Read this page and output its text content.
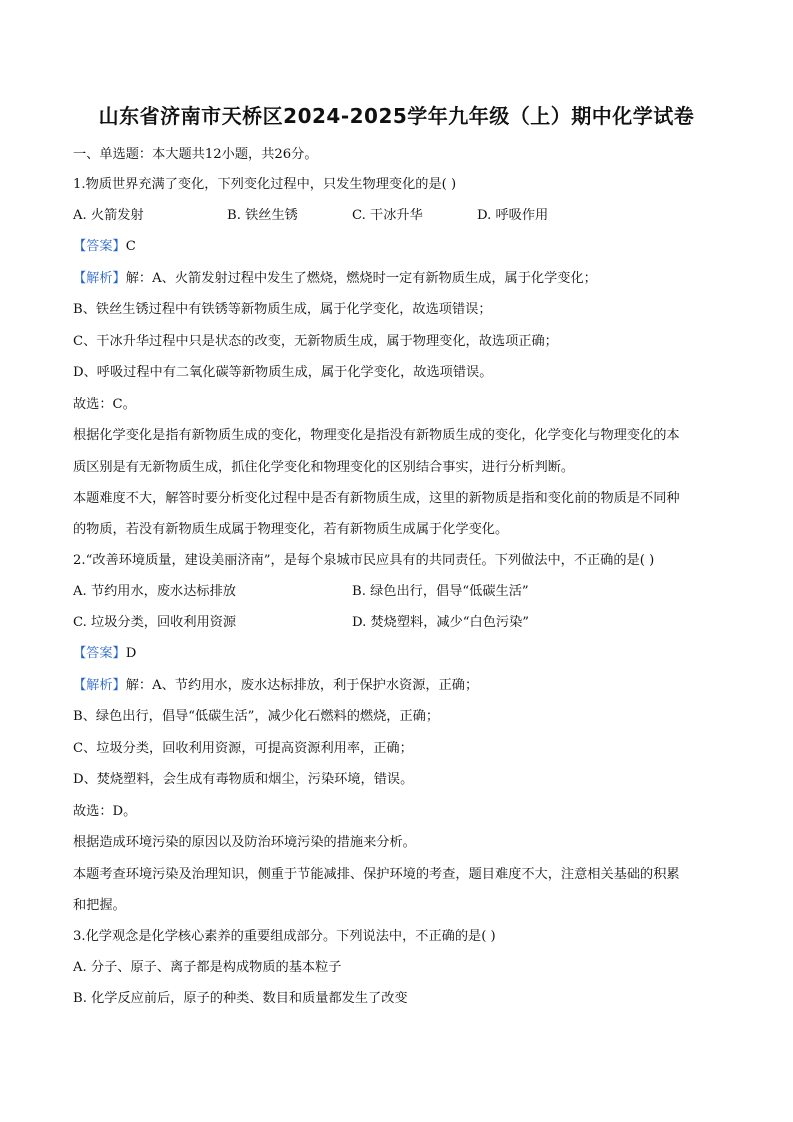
山东省济南市天桥区2024-2025学年九年级（上）期中化学试卷
一、单选题：本大题共12小题，共26分。
1.物质世界充满了变化，下列变化过程中，只发生物理变化的是( )
A. 火箭发射	B. 铁丝生锈	C. 干冰升华	D. 呼吸作用
【答案】C
【解析】解：A、火箭发射过程中发生了燃烧，燃烧时一定有新物质生成，属于化学变化；
B、铁丝生锈过程中有铁锈等新物质生成，属于化学变化，故选项错误；
C、干冰升华过程中只是状态的改变，无新物质生成，属于物理变化，故选项正确；
D、呼吸过程中有二氧化碳等新物质生成，属于化学变化，故选项错误。
故选：C。
根据化学变化是指有新物质生成的变化，物理变化是指没有新物质生成的变化，化学变化与物理变化的本
质区别是有无新物质生成，抓住化学变化和物理变化的区别结合事实，进行分析判断。
本题难度不大，解答时要分析变化过程中是否有新物质生成，这里的新物质是指和变化前的物质是不同种
的物质，若没有新物质生成属于物理变化，若有新物质生成属于化学变化。
2.“改善环境质量，建设美丽济南”，是每个泉城市民应具有的共同责任。下列做法中，不正确的是( )
A. 节约用水，废水达标排放	B. 绿色出行，倡导“低碳生活”
C. 垃圾分类，回收利用资源	D. 焚烧塑料，减少“白色污染”
【答案】D
【解析】解：A、节约用水，废水达标排放，利于保护水资源，正确；
B、绿色出行，倡导“低碳生活”，减少化石燃料的燃烧，正确；
C、垃圾分类，回收利用资源，可提高资源利用率，正确；
D、焚烧塑料，会生成有毒物质和烟尘，污染环境，错误。
故选：D。
根据造成环境污染的原因以及防治环境污染的措施来分析。
本题考查环境污染及治理知识，侧重于节能减排、保护环境的考查，题目难度不大，注意相关基础的积累
和把握。
3.化学观念是化学核心素养的重要组成部分。下列说法中，不正确的是( )
A. 分子、原子、离子都是构成物质的基本粒子
B. 化学反应前后，原子的种类、数目和质量都发生了改变
